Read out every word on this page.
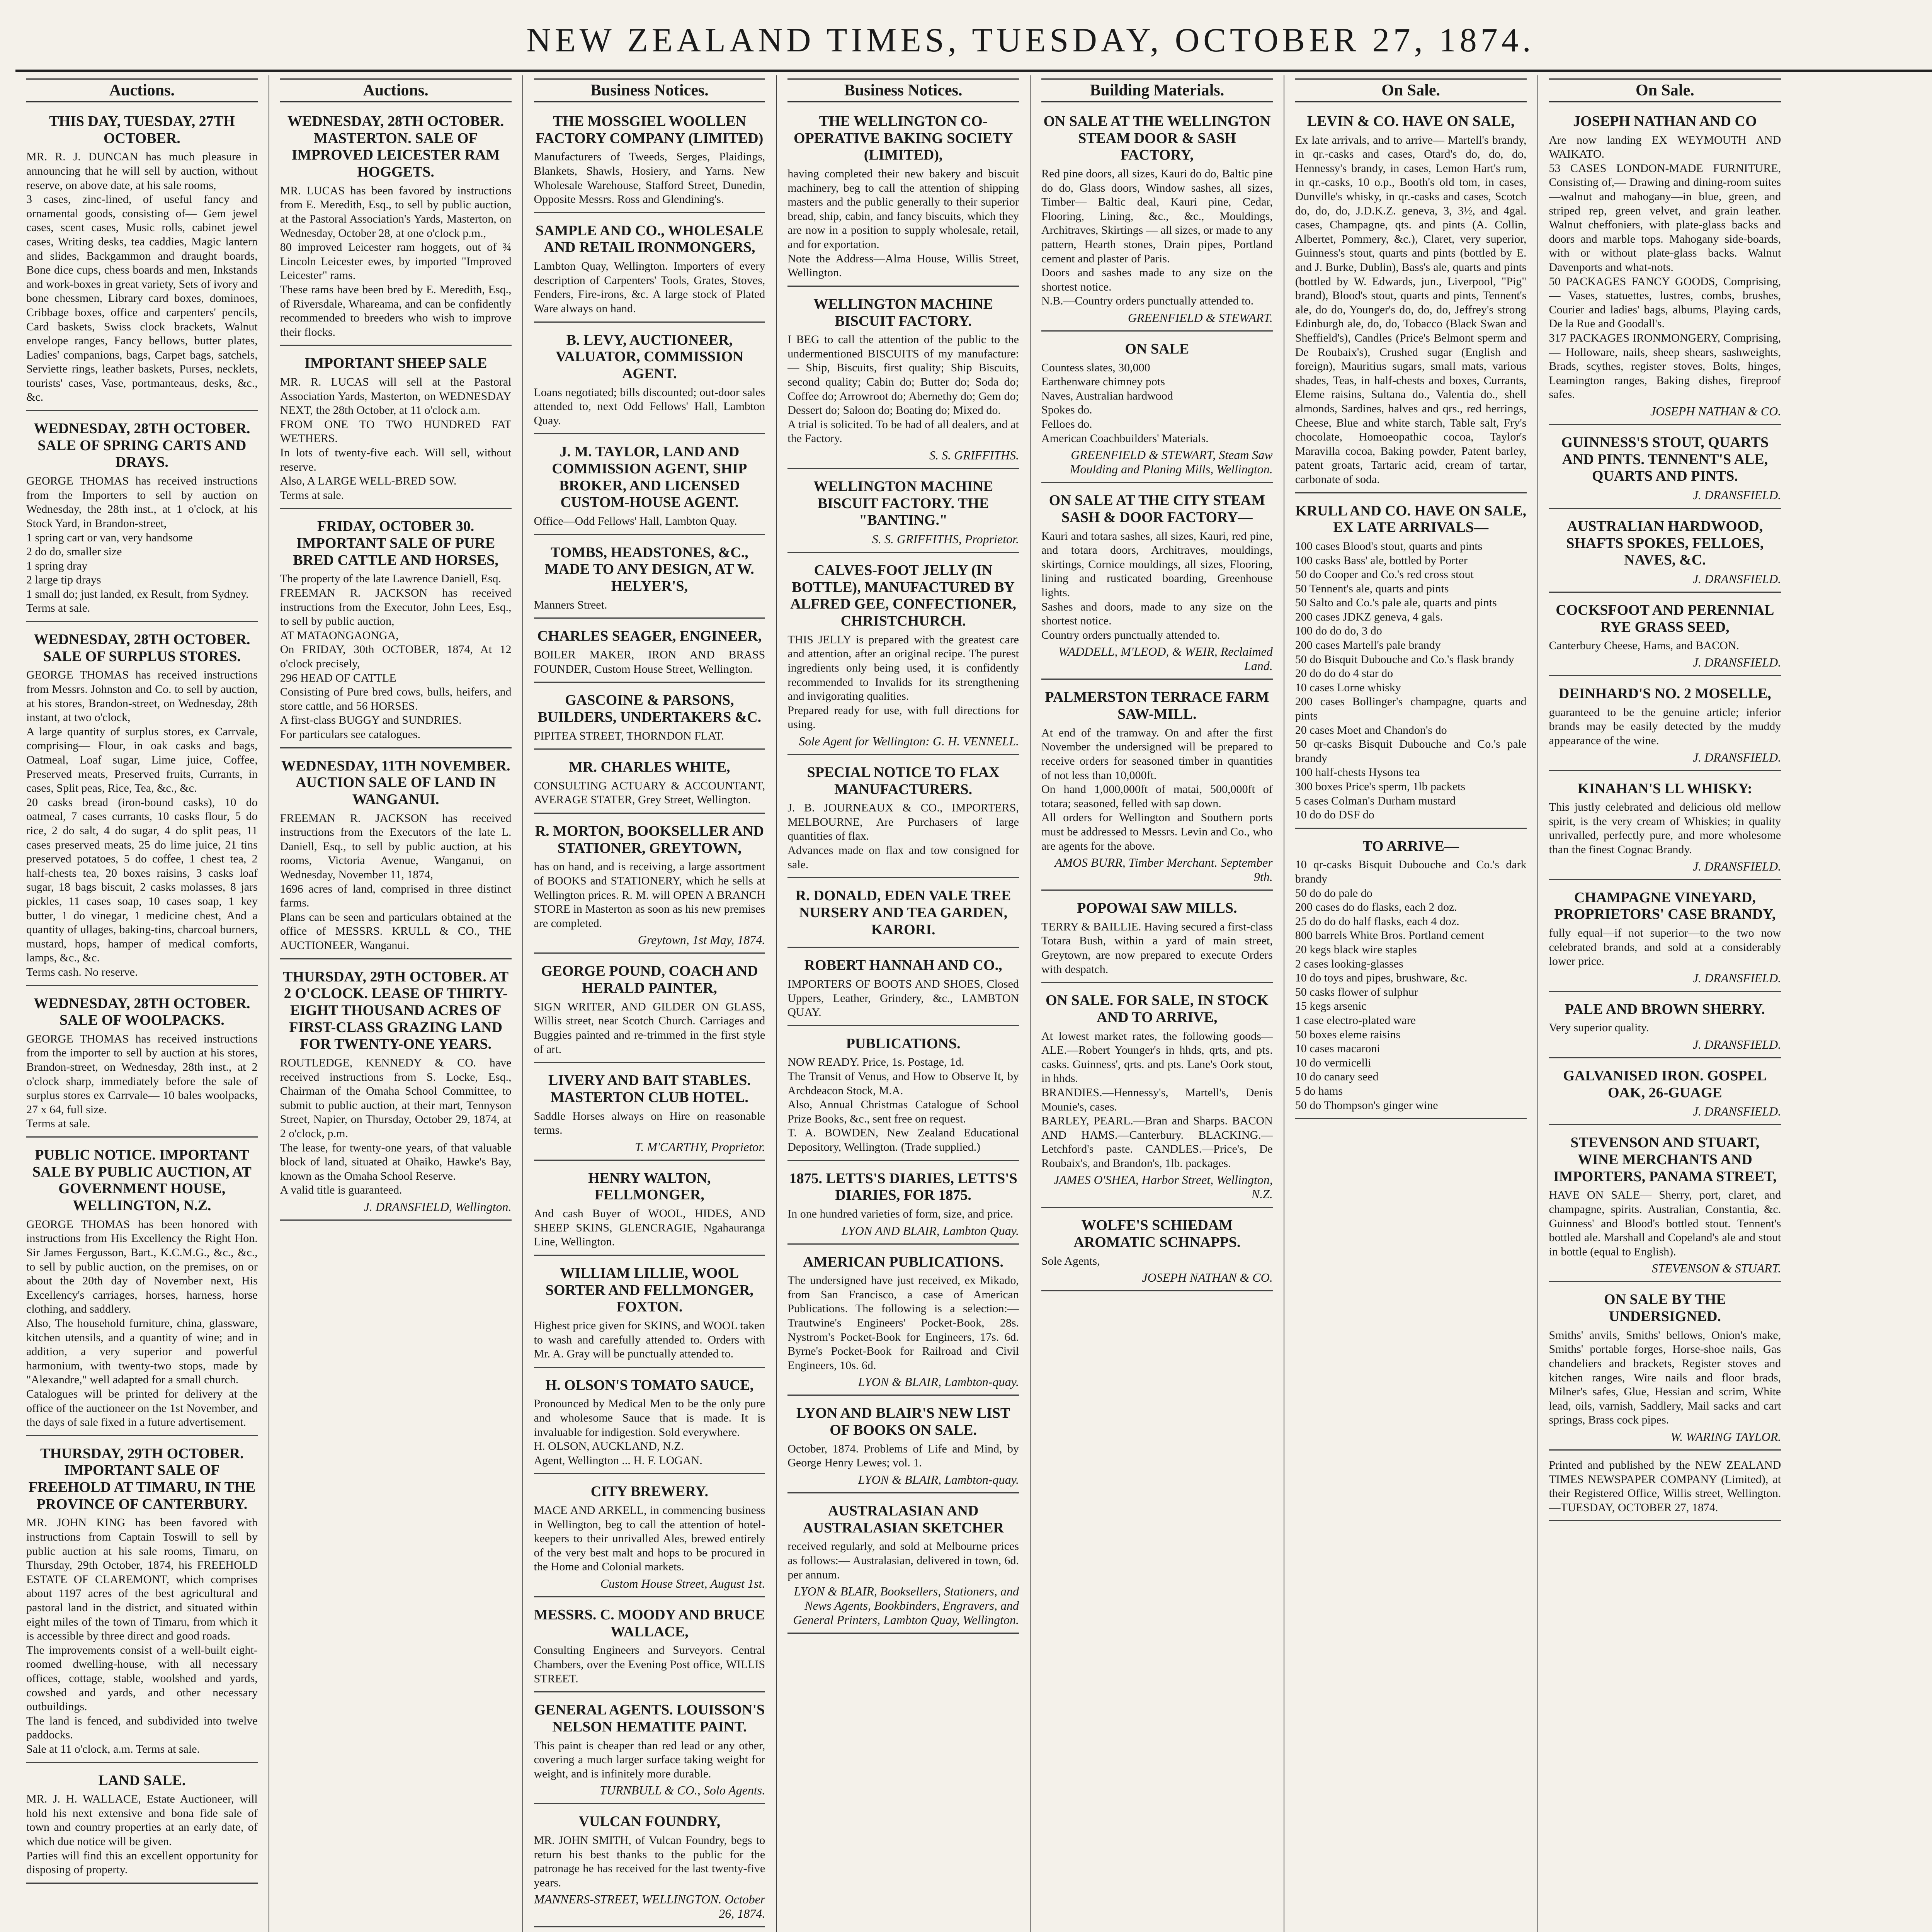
NEW ZEALAND TIMES, TUESDAY, OCTOBER 27, 1874.
Auctions.
THIS DAY, TUESDAY, 27TH OCTOBER.
MR. R. J. DUNCAN has much pleasure in announcing that he will sell by auction, without reserve, on above date, at his sale rooms,
3 cases, zinc-lined, of useful fancy and ornamental goods, consisting of— Gem jewel cases, scent cases, Music rolls, cabinet jewel cases, Writing desks, tea caddies, Magic lantern and slides, Backgammon and draught boards, Bone dice cups, chess boards and men, Inkstands and work-boxes in great variety, Sets of ivory and bone chessmen, Library card boxes, dominoes, Cribbage boxes, office and carpenters' pencils, Card baskets, Swiss clock brackets, Walnut envelope ranges, Fancy bellows, butter plates, Ladies' companions, bags, Carpet bags, satchels, Serviette rings, leather baskets, Purses, necklets, tourists' cases, Vase, portmanteaus, desks, &c., &c.
WEDNESDAY, 28TH OCTOBER. SALE OF SPRING CARTS AND DRAYS.
GEORGE THOMAS has received instructions from the Importers to sell by auction on Wednesday, the 28th inst., at 1 o'clock, at his Stock Yard, in Brandon-street,
1 spring cart or van, very handsome
2 do do, smaller size
1 spring dray
2 large tip drays
1 small do; just landed, ex Result, from Sydney.
Terms at sale.
WEDNESDAY, 28TH OCTOBER. SALE OF SURPLUS STORES.
GEORGE THOMAS has received instructions from Messrs. Johnston and Co. to sell by auction, at his stores, Brandon-street, on Wednesday, 28th instant, at two o'clock,
A large quantity of surplus stores, ex Carrvale, comprising— Flour, in oak casks and bags, Oatmeal, Loaf sugar, Lime juice, Coffee, Preserved meats, Preserved fruits, Currants, in cases, Split peas, Rice, Tea, &c., &c.
20 casks bread (iron-bound casks), 10 do oatmeal, 7 cases currants, 10 casks flour, 5 do rice, 2 do salt, 4 do sugar, 4 do split peas, 11 cases preserved meats, 25 do lime juice, 21 tins preserved potatoes, 5 do coffee, 1 chest tea, 2 half-chests tea, 20 boxes raisins, 3 casks loaf sugar, 18 bags biscuit, 2 casks molasses, 8 jars pickles, 11 cases soap, 10 cases soap, 1 key butter, 1 do vinegar, 1 medicine chest, And a quantity of ullages, baking-tins, charcoal burners, mustard, hops, hamper of medical comforts, lamps, &c., &c.
Terms cash. No reserve.
WEDNESDAY, 28TH OCTOBER. SALE OF WOOLPACKS.
GEORGE THOMAS has received instructions from the importer to sell by auction at his stores, Brandon-street, on Wednesday, 28th inst., at 2 o'clock sharp, immediately before the sale of surplus stores ex Carrvale— 10 bales woolpacks, 27 x 64, full size.
Terms at sale.
PUBLIC NOTICE. IMPORTANT SALE BY PUBLIC AUCTION, AT GOVERNMENT HOUSE, WELLINGTON, N.Z.
GEORGE THOMAS has been honored with instructions from His Excellency the Right Hon. Sir James Fergusson, Bart., K.C.M.G., &c., &c., to sell by public auction, on the premises, on or about the 20th day of November next, His Excellency's carriages, horses, harness, horse clothing, and saddlery.
Also, The household furniture, china, glassware, kitchen utensils, and a quantity of wine; and in addition, a very superior and powerful harmonium, with twenty-two stops, made by "Alexandre," well adapted for a small church.
Catalogues will be printed for delivery at the office of the auctioneer on the 1st November, and the days of sale fixed in a future advertisement.
THURSDAY, 29TH OCTOBER. IMPORTANT SALE OF FREEHOLD AT TIMARU, IN THE PROVINCE OF CANTERBURY.
MR. JOHN KING has been favored with instructions from Captain Toswill to sell by public auction at his sale rooms, Timaru, on Thursday, 29th October, 1874, his FREEHOLD ESTATE OF CLAREMONT, which comprises about 1197 acres of the best agricultural and pastoral land in the district, and situated within eight miles of the town of Timaru, from which it is accessible by three direct and good roads.
The improvements consist of a well-built eight-roomed dwelling-house, with all necessary offices, cottage, stable, woolshed and yards, cowshed and yards, and other necessary outbuildings.
The land is fenced, and subdivided into twelve paddocks.
Sale at 11 o'clock, a.m. Terms at sale.
LAND SALE.
MR. J. H. WALLACE, Estate Auctioneer, will hold his next extensive and bona fide sale of town and country properties at an early date, of which due notice will be given.
Parties will find this an excellent opportunity for disposing of property.
Auctions.
WEDNESDAY, 28TH OCTOBER. MASTERTON. SALE OF IMPROVED LEICESTER RAM HOGGETS.
MR. LUCAS has been favored by instructions from E. Meredith, Esq., to sell by public auction, at the Pastoral Association's Yards, Masterton, on Wednesday, October 28, at one o'clock p.m.,
80 improved Leicester ram hoggets, out of ¾ Lincoln Leicester ewes, by imported "Improved Leicester" rams.
These rams have been bred by E. Meredith, Esq., of Riversdale, Whareama, and can be confidently recommended to breeders who wish to improve their flocks.
IMPORTANT SHEEP SALE
MR. R. LUCAS will sell at the Pastoral Association Yards, Masterton, on WEDNESDAY NEXT, the 28th October, at 11 o'clock a.m.
FROM ONE TO TWO HUNDRED FAT WETHERS.
In lots of twenty-five each. Will sell, without reserve.
Also, A LARGE WELL-BRED SOW.
Terms at sale.
FRIDAY, OCTOBER 30. IMPORTANT SALE OF PURE BRED CATTLE AND HORSES,
The property of the late Lawrence Daniell, Esq.
FREEMAN R. JACKSON has received instructions from the Executor, John Lees, Esq., to sell by public auction,
AT MATAONGAONGA,
On FRIDAY, 30th OCTOBER, 1874, At 12 o'clock precisely,
296 HEAD OF CATTLE
Consisting of Pure bred cows, bulls, heifers, and store cattle, and 56 HORSES.
A first-class BUGGY and SUNDRIES.
For particulars see catalogues.
WEDNESDAY, 11TH NOVEMBER. AUCTION SALE OF LAND IN WANGANUI.
FREEMAN R. JACKSON has received instructions from the Executors of the late L. Daniell, Esq., to sell by public auction, at his rooms, Victoria Avenue, Wanganui, on Wednesday, November 11, 1874,
1696 acres of land, comprised in three distinct farms.
Plans can be seen and particulars obtained at the office of MESSRS. KRULL & CO., THE AUCTIONEER, Wanganui.
THURSDAY, 29TH OCTOBER. AT 2 O'CLOCK. LEASE OF THIRTY-EIGHT THOUSAND ACRES OF FIRST-CLASS GRAZING LAND FOR TWENTY-ONE YEARS.
ROUTLEDGE, KENNEDY & CO. have received instructions from S. Locke, Esq., Chairman of the Omaha School Committee, to submit to public auction, at their mart, Tennyson Street, Napier, on Thursday, October 29, 1874, at 2 o'clock, p.m.
The lease, for twenty-one years, of that valuable block of land, situated at Ohaiko, Hawke's Bay, known as the Omaha School Reserve.
A valid title is guaranteed.
J. DRANSFIELD, Wellington.
Business Notices.
THE MOSSGIEL WOOLLEN FACTORY COMPANY (LIMITED)
Manufacturers of Tweeds, Serges, Plaidings, Blankets, Shawls, Hosiery, and Yarns. New Wholesale Warehouse, Stafford Street, Dunedin, Opposite Messrs. Ross and Glendining's.
SAMPLE AND CO., WHOLESALE AND RETAIL IRONMONGERS,
Lambton Quay, Wellington. Importers of every description of Carpenters' Tools, Grates, Stoves, Fenders, Fire-irons, &c. A large stock of Plated Ware always on hand.
B. LEVY, AUCTIONEER, VALUATOR, COMMISSION AGENT.
Loans negotiated; bills discounted; out-door sales attended to, next Odd Fellows' Hall, Lambton Quay.
J. M. TAYLOR, LAND AND COMMISSION AGENT, SHIP BROKER, AND LICENSED CUSTOM-HOUSE AGENT.
Office—Odd Fellows' Hall, Lambton Quay.
TOMBS, HEADSTONES, &C., MADE TO ANY DESIGN, AT W. HELYER'S,
Manners Street.
CHARLES SEAGER, ENGINEER,
BOILER MAKER, IRON AND BRASS FOUNDER, Custom House Street, Wellington.
GASCOINE & PARSONS, BUILDERS, UNDERTAKERS &C.
PIPITEA STREET, THORNDON FLAT.
MR. CHARLES WHITE,
CONSULTING ACTUARY & ACCOUNTANT, AVERAGE STATER, Grey Street, Wellington.
R. MORTON, BOOKSELLER AND STATIONER, GREYTOWN,
has on hand, and is receiving, a large assortment of BOOKS and STATIONERY, which he sells at Wellington prices. R. M. will OPEN A BRANCH STORE in Masterton as soon as his new premises are completed.
Greytown, 1st May, 1874.
GEORGE POUND, COACH AND HERALD PAINTER,
SIGN WRITER, AND GILDER ON GLASS, Willis street, near Scotch Church. Carriages and Buggies painted and re-trimmed in the first style of art.
LIVERY AND BAIT STABLES. MASTERTON CLUB HOTEL.
Saddle Horses always on Hire on reasonable terms.
T. M'CARTHY, Proprietor.
HENRY WALTON, FELLMONGER,
And cash Buyer of WOOL, HIDES, AND SHEEP SKINS, GLENCRAGIE, Ngahauranga Line, Wellington.
WILLIAM LILLIE, WOOL SORTER AND FELLMONGER, FOXTON.
Highest price given for SKINS, and WOOL taken to wash and carefully attended to. Orders with Mr. A. Gray will be punctually attended to.
H. OLSON'S TOMATO SAUCE,
Pronounced by Medical Men to be the only pure and wholesome Sauce that is made. It is invaluable for indigestion. Sold everywhere.
H. OLSON, AUCKLAND, N.Z.
Agent, Wellington ... H. F. LOGAN.
CITY BREWERY.
MACE AND ARKELL, in commencing business in Wellington, beg to call the attention of hotel-keepers to their unrivalled Ales, brewed entirely of the very best malt and hops to be procured in the Home and Colonial markets.
Custom House Street, August 1st.
MESSRS. C. MOODY AND BRUCE WALLACE,
Consulting Engineers and Surveyors. Central Chambers, over the Evening Post office, WILLIS STREET.
GENERAL AGENTS. LOUISSON'S NELSON HEMATITE PAINT.
This paint is cheaper than red lead or any other, covering a much larger surface taking weight for weight, and is infinitely more durable.
TURNBULL & CO., Solo Agents.
VULCAN FOUNDRY,
MR. JOHN SMITH, of Vulcan Foundry, begs to return his best thanks to the public for the patronage he has received for the last twenty-five years.
MANNERS-STREET, WELLINGTON. October 26, 1874.
Business Notices.
THE WELLINGTON CO-OPERATIVE BAKING SOCIETY (LIMITED),
having completed their new bakery and biscuit machinery, beg to call the attention of shipping masters and the public generally to their superior bread, ship, cabin, and fancy biscuits, which they are now in a position to supply wholesale, retail, and for exportation.
Note the Address—Alma House, Willis Street, Wellington.
WELLINGTON MACHINE BISCUIT FACTORY.
I BEG to call the attention of the public to the undermentioned BISCUITS of my manufacture:— Ship, Biscuits, first quality; Ship Biscuits, second quality; Cabin do; Butter do; Soda do; Coffee do; Arrowroot do; Abernethy do; Gem do; Dessert do; Saloon do; Boating do; Mixed do.
A trial is solicited. To be had of all dealers, and at the Factory.
S. S. GRIFFITHS.
WELLINGTON MACHINE BISCUIT FACTORY. THE "BANTING."
S. S. GRIFFITHS, Proprietor.
CALVES-FOOT JELLY (IN BOTTLE), MANUFACTURED BY ALFRED GEE, CONFECTIONER, CHRISTCHURCH.
THIS JELLY is prepared with the greatest care and attention, after an original recipe. The purest ingredients only being used, it is confidently recommended to Invalids for its strengthening and invigorating qualities.
Prepared ready for use, with full directions for using.
Sole Agent for Wellington: G. H. VENNELL.
SPECIAL NOTICE TO FLAX MANUFACTURERS.
J. B. JOURNEAUX & CO., IMPORTERS, MELBOURNE, Are Purchasers of large quantities of flax.
Advances made on flax and tow consigned for sale.
R. DONALD, EDEN VALE TREE NURSERY AND TEA GARDEN, KARORI.
ROBERT HANNAH AND CO.,
IMPORTERS OF BOOTS AND SHOES, Closed Uppers, Leather, Grindery, &c., LAMBTON QUAY.
PUBLICATIONS.
NOW READY. Price, 1s. Postage, 1d.
The Transit of Venus, and How to Observe It, by Archdeacon Stock, M.A.
Also, Annual Christmas Catalogue of School Prize Books, &c., sent free on request.
T. A. BOWDEN, New Zealand Educational Depository, Wellington. (Trade supplied.)
1875. LETTS'S DIARIES, LETTS'S DIARIES, FOR 1875.
In one hundred varieties of form, size, and price.
LYON AND BLAIR, Lambton Quay.
AMERICAN PUBLICATIONS.
The undersigned have just received, ex Mikado, from San Francisco, a case of American Publications. The following is a selection:— Trautwine's Engineers' Pocket-Book, 28s. Nystrom's Pocket-Book for Engineers, 17s. 6d. Byrne's Pocket-Book for Railroad and Civil Engineers, 10s. 6d.
LYON & BLAIR, Lambton-quay.
LYON AND BLAIR'S NEW LIST OF BOOKS ON SALE.
October, 1874. Problems of Life and Mind, by George Henry Lewes; vol. 1.
LYON & BLAIR, Lambton-quay.
AUSTRALASIAN AND AUSTRALASIAN SKETCHER
received regularly, and sold at Melbourne prices as follows:— Australasian, delivered in town, 6d. per annum.
LYON & BLAIR, Booksellers, Stationers, and News Agents, Bookbinders, Engravers, and General Printers, Lambton Quay, Wellington.
Building Materials.
ON SALE AT THE WELLINGTON STEAM DOOR & SASH FACTORY,
Red pine doors, all sizes, Kauri do do, Baltic pine do do, Glass doors, Window sashes, all sizes, Timber— Baltic deal, Kauri pine, Cedar, Flooring, Lining, &c., &c., Mouldings, Architraves, Skirtings — all sizes, or made to any pattern, Hearth stones, Drain pipes, Portland cement and plaster of Paris.
Doors and sashes made to any size on the shortest notice.
N.B.—Country orders punctually attended to.
GREENFIELD & STEWART.
ON SALE
Countess slates, 30,000
Earthenware chimney pots
Naves, Australian hardwood
Spokes do.
Felloes do.
American Coachbuilders' Materials.
GREENFIELD & STEWART, Steam Saw Moulding and Planing Mills, Wellington.
ON SALE AT THE CITY STEAM SASH & DOOR FACTORY—
Kauri and totara sashes, all sizes, Kauri, red pine, and totara doors, Architraves, mouldings, skirtings, Cornice mouldings, all sizes, Flooring, lining and rusticated boarding, Greenhouse lights.
Sashes and doors, made to any size on the shortest notice.
Country orders punctually attended to.
WADDELL, M'LEOD, & WEIR, Reclaimed Land.
PALMERSTON TERRACE FARM SAW-MILL.
At end of the tramway. On and after the first November the undersigned will be prepared to receive orders for seasoned timber in quantities of not less than 10,000ft.
On hand 1,000,000ft of matai, 500,000ft of totara; seasoned, felled with sap down.
All orders for Wellington and Southern ports must be addressed to Messrs. Levin and Co., who are agents for the above.
AMOS BURR, Timber Merchant. September 9th.
POPOWAI SAW MILLS.
TERRY & BAILLIE. Having secured a first-class Totara Bush, within a yard of main street, Greytown, are now prepared to execute Orders with despatch.
ON SALE. FOR SALE, IN STOCK AND TO ARRIVE,
At lowest market rates, the following goods— ALE.—Robert Younger's in hhds, qrts, and pts. casks. Guinness', qrts. and pts. Lane's Oork stout, in hhds.
BRANDIES.—Hennessy's, Martell's, Denis Mounie's, cases.
BARLEY, PEARL.—Bran and Sharps. BACON AND HAMS.—Canterbury. BLACKING.—Letchford's paste. CANDLES.—Price's, De Roubaix's, and Brandon's, 1lb. packages.
JAMES O'SHEA, Harbor Street, Wellington, N.Z.
WOLFE'S SCHIEDAM AROMATIC SCHNAPPS.
Sole Agents,
JOSEPH NATHAN & CO.
On Sale.
LEVIN & CO. HAVE ON SALE,
Ex late arrivals, and to arrive— Martell's brandy, in qr.-casks and cases, Otard's do, do, do, Hennessy's brandy, in cases, Lemon Hart's rum, in qr.-casks, 10 o.p., Booth's old tom, in cases, Dunville's whisky, in qr.-casks and cases, Scotch do, do, do, J.D.K.Z. geneva, 3, 3½, and 4gal. cases, Champagne, qts. and pints (A. Collin, Albertet, Pommery, &c.), Claret, very superior, Guinness's stout, quarts and pints (bottled by E. and J. Burke, Dublin), Bass's ale, quarts and pints (bottled by W. Edwards, jun., Liverpool, "Pig" brand), Blood's stout, quarts and pints, Tennent's ale, do do, Younger's do, do, do, Jeffrey's strong Edinburgh ale, do, do, Tobacco (Black Swan and Sheffield's), Candles (Price's Belmont sperm and De Roubaix's), Crushed sugar (English and foreign), Mauritius sugars, small mats, various shades, Teas, in half-chests and boxes, Currants, Eleme raisins, Sultana do., Valentia do., shell almonds, Sardines, halves and qrs., red herrings, Cheese, Blue and white starch, Table salt, Fry's chocolate, Homoeopathic cocoa, Taylor's Maravilla cocoa, Baking powder, Patent barley, patent groats, Tartaric acid, cream of tartar, carbonate of soda.
KRULL AND CO. HAVE ON SALE, EX LATE ARRIVALS—
100 cases Blood's stout, quarts and pints
100 casks Bass' ale, bottled by Porter
50 do Cooper and Co.'s red cross stout
50 Tennent's ale, quarts and pints
50 Salto and Co.'s pale ale, quarts and pints
200 cases JDKZ geneva, 4 gals.
100 do do do, 3 do
200 cases Martell's pale brandy
50 do Bisquit Dubouche and Co.'s flask brandy
20 do do do 4 star do
10 cases Lorne whisky
200 cases Bollinger's champagne, quarts and pints
20 cases Moet and Chandon's do
50 qr-casks Bisquit Dubouche and Co.'s pale brandy
100 half-chests Hysons tea
300 boxes Price's sperm, 1lb packets
5 cases Colman's Durham mustard
10 do do DSF do
TO ARRIVE—
10 qr-casks Bisquit Dubouche and Co.'s dark brandy
50 do do pale do
200 cases do do flasks, each 2 doz.
25 do do do half flasks, each 4 doz.
800 barrels White Bros. Portland cement
20 kegs black wire staples
2 cases looking-glasses
10 do toys and pipes, brushware, &c.
50 casks flower of sulphur
15 kegs arsenic
1 case electro-plated ware
50 boxes eleme raisins
10 cases macaroni
10 do vermicelli
10 do canary seed
5 do hams
50 do Thompson's ginger wine
On Sale.
JOSEPH NATHAN AND CO
Are now landing EX WEYMOUTH AND WAIKATO.
53 CASES LONDON-MADE FURNITURE, Consisting of,— Drawing and dining-room suites—walnut and mahogany—in blue, green, and striped rep, green velvet, and grain leather. Walnut cheffoniers, with plate-glass backs and doors and marble tops. Mahogany side-boards, with or without plate-glass backs. Walnut Davenports and what-nots.
50 PACKAGES FANCY GOODS, Comprising,— Vases, statuettes, lustres, combs, brushes, Courier and ladies' bags, albums, Playing cards, De la Rue and Goodall's.
317 PACKAGES IRONMONGERY, Comprising,— Holloware, nails, sheep shears, sashweights, Brads, scythes, register stoves, Bolts, hinges, Leamington ranges, Baking dishes, fireproof safes.
JOSEPH NATHAN & CO.
GUINNESS'S STOUT, QUARTS AND PINTS. TENNENT'S ALE, QUARTS AND PINTS.
J. DRANSFIELD.
AUSTRALIAN HARDWOOD, SHAFTS SPOKES, FELLOES, NAVES, &C.
J. DRANSFIELD.
COCKSFOOT AND PERENNIAL RYE GRASS SEED,
Canterbury Cheese, Hams, and BACON.
J. DRANSFIELD.
DEINHARD'S NO. 2 MOSELLE,
guaranteed to be the genuine article; inferior brands may be easily detected by the muddy appearance of the wine.
J. DRANSFIELD.
KINAHAN'S LL WHISKY:
This justly celebrated and delicious old mellow spirit, is the very cream of Whiskies; in quality unrivalled, perfectly pure, and more wholesome than the finest Cognac Brandy.
J. DRANSFIELD.
CHAMPAGNE VINEYARD, PROPRIETORS' CASE BRANDY,
fully equal—if not superior—to the two now celebrated brands, and sold at a considerably lower price.
J. DRANSFIELD.
PALE AND BROWN SHERRY.
Very superior quality.
J. DRANSFIELD.
GALVANISED IRON. GOSPEL OAK, 26-GUAGE
J. DRANSFIELD.
STEVENSON AND STUART, WINE MERCHANTS AND IMPORTERS, PANAMA STREET,
HAVE ON SALE— Sherry, port, claret, and champagne, spirits. Australian, Constantia, &c. Guinness' and Blood's bottled stout. Tennent's bottled ale. Marshall and Copeland's ale and stout in bottle (equal to English).
STEVENSON & STUART.
ON SALE BY THE UNDERSIGNED.
Smiths' anvils, Smiths' bellows, Onion's make, Smiths' portable forges, Horse-shoe nails, Gas chandeliers and brackets, Register stoves and kitchen ranges, Wire nails and floor brads, Milner's safes, Glue, Hessian and scrim, White lead, oils, varnish, Saddlery, Mail sacks and cart springs, Brass cock pipes.
W. WARING TAYLOR.
Printed and published by the NEW ZEALAND TIMES NEWSPAPER COMPANY (Limited), at their Registered Office, Willis street, Wellington.—TUESDAY, OCTOBER 27, 1874.
